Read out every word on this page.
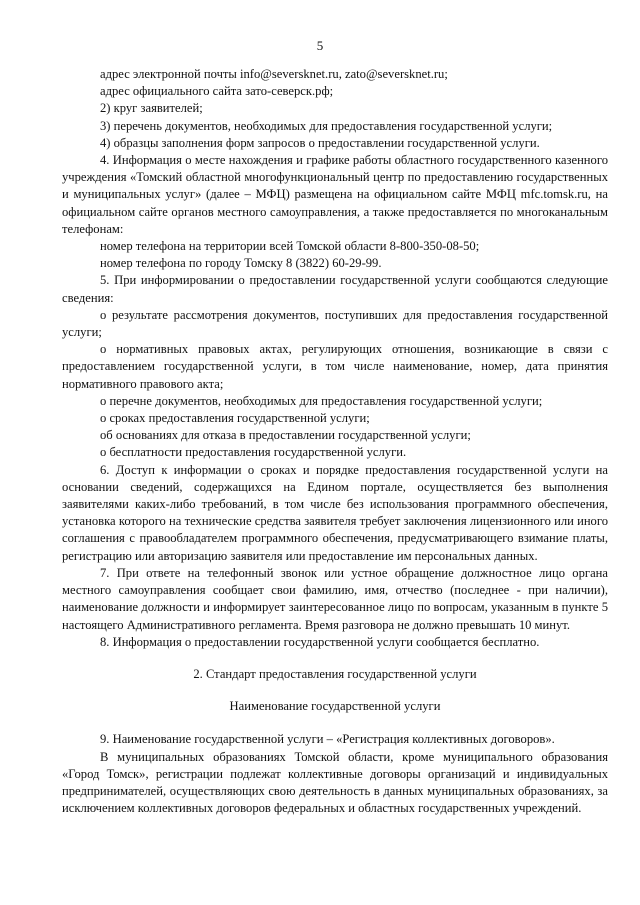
5

адрес электронной почты info@seversknet.ru, zato@seversknet.ru;

адрес официального сайта зато-северск.рф;

2) круг заявителей;

3) перечень документов, необходимых для предоставления государственной услуги;

4) образцы заполнения форм запросов о предоставлении государственной услуги.

4. Информация о месте нахождения и графике работы областного государственного казенного учреждения «Томский областной многофункциональный центр по предоставлению государственных и муниципальных услуг» (далее – МФЦ) размещена на официальном сайте МФЦ mfc.tomsk.ru, на официальном сайте органов местного самоуправления, а также предоставляется по многоканальным телефонам:

номер телефона на территории всей Томской области 8-800-350-08-50;

номер телефона по городу Томску 8 (3822) 60-29-99.

5. При информировании о предоставлении государственной услуги сообщаются следующие сведения:

о результате рассмотрения документов, поступивших для предоставления государственной услуги;

о нормативных правовых актах, регулирующих отношения, возникающие в связи с предоставлением государственной услуги, в том числе наименование, номер, дата принятия нормативного правового акта;

о перечне документов, необходимых для предоставления государственной услуги;

о сроках предоставления государственной услуги;

об основаниях для отказа в предоставлении государственной услуги;

о бесплатности предоставления государственной услуги.

6. Доступ к информации о сроках и порядке предоставления государственной услуги на основании сведений, содержащихся на Едином портале, осуществляется без выполнения заявителями каких-либо требований, в том числе без использования программного обеспечения, установка которого на технические средства заявителя требует заключения лицензионного или иного соглашения с правообладателем программного обеспечения, предусматривающего взимание платы, регистрацию или авторизацию заявителя или предоставление им персональных данных.

7. При ответе на телефонный звонок или устное обращение должностное лицо органа местного самоуправления сообщает свои фамилию, имя, отчество (последнее - при наличии), наименование должности и информирует заинтересованное лицо по вопросам, указанным в пункте 5 настоящего Административного регламента. Время разговора не должно превышать 10 минут.

8. Информация о предоставлении государственной услуги сообщается бесплатно.

2. Стандарт предоставления государственной услуги

Наименование государственной услуги

9. Наименование государственной услуги – «Регистрация коллективных договоров».

В муниципальных образованиях Томской области, кроме муниципального образования «Город Томск», регистрации подлежат коллективные договоры организаций и индивидуальных предпринимателей, осуществляющих свою деятельность в данных муниципальных образованиях, за исключением коллективных договоров федеральных и областных государственных учреждений.
